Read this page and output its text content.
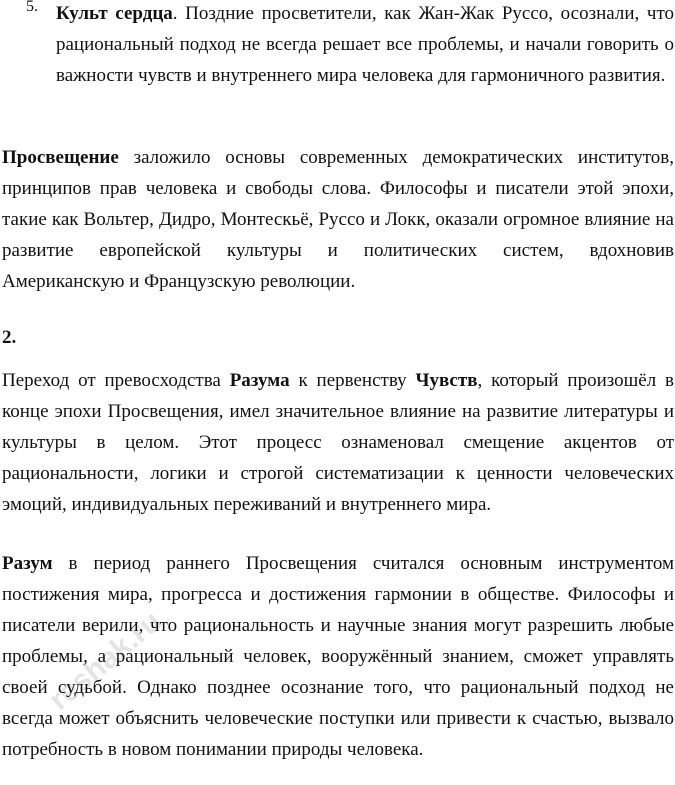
5. Культ сердца. Поздние просветители, как Жан-Жак Руссо, осознали, что рациональный подход не всегда решает все проблемы, и начали говорить о важности чувств и внутреннего мира человека для гармоничного развития.

Просвещение заложило основы современных демократических институтов, принципов прав человека и свободы слова. Философы и писатели этой эпохи, такие как Вольтер, Дидро, Монтескьё, Руссо и Локк, оказали огромное влияние на развитие европейской культуры и политических систем, вдохновив Американскую и Французскую революции.

2.

Переход от превосходства Разума к первенству Чувств, который произошёл в конце эпохи Просвещения, имел значительное влияние на развитие литературы и культуры в целом. Этот процесс ознаменовал смещение акцентов от рациональности, логики и строгой систематизации к ценности человеческих эмоций, индивидуальных переживаний и внутреннего мира.

Разум в период раннего Просвещения считался основным инструментом постижения мира, прогресса и достижения гармонии в обществе. Философы и писатели верили, что рациональность и научные знания могут разрешить любые проблемы, а рациональный человек, вооружённый знанием, сможет управлять своей судьбой. Однако позднее осознание того, что рациональный подход не всегда может объяснить человеческие поступки или привести к счастью, вызвало потребность в новом понимании природы человека.

reshak.ru
